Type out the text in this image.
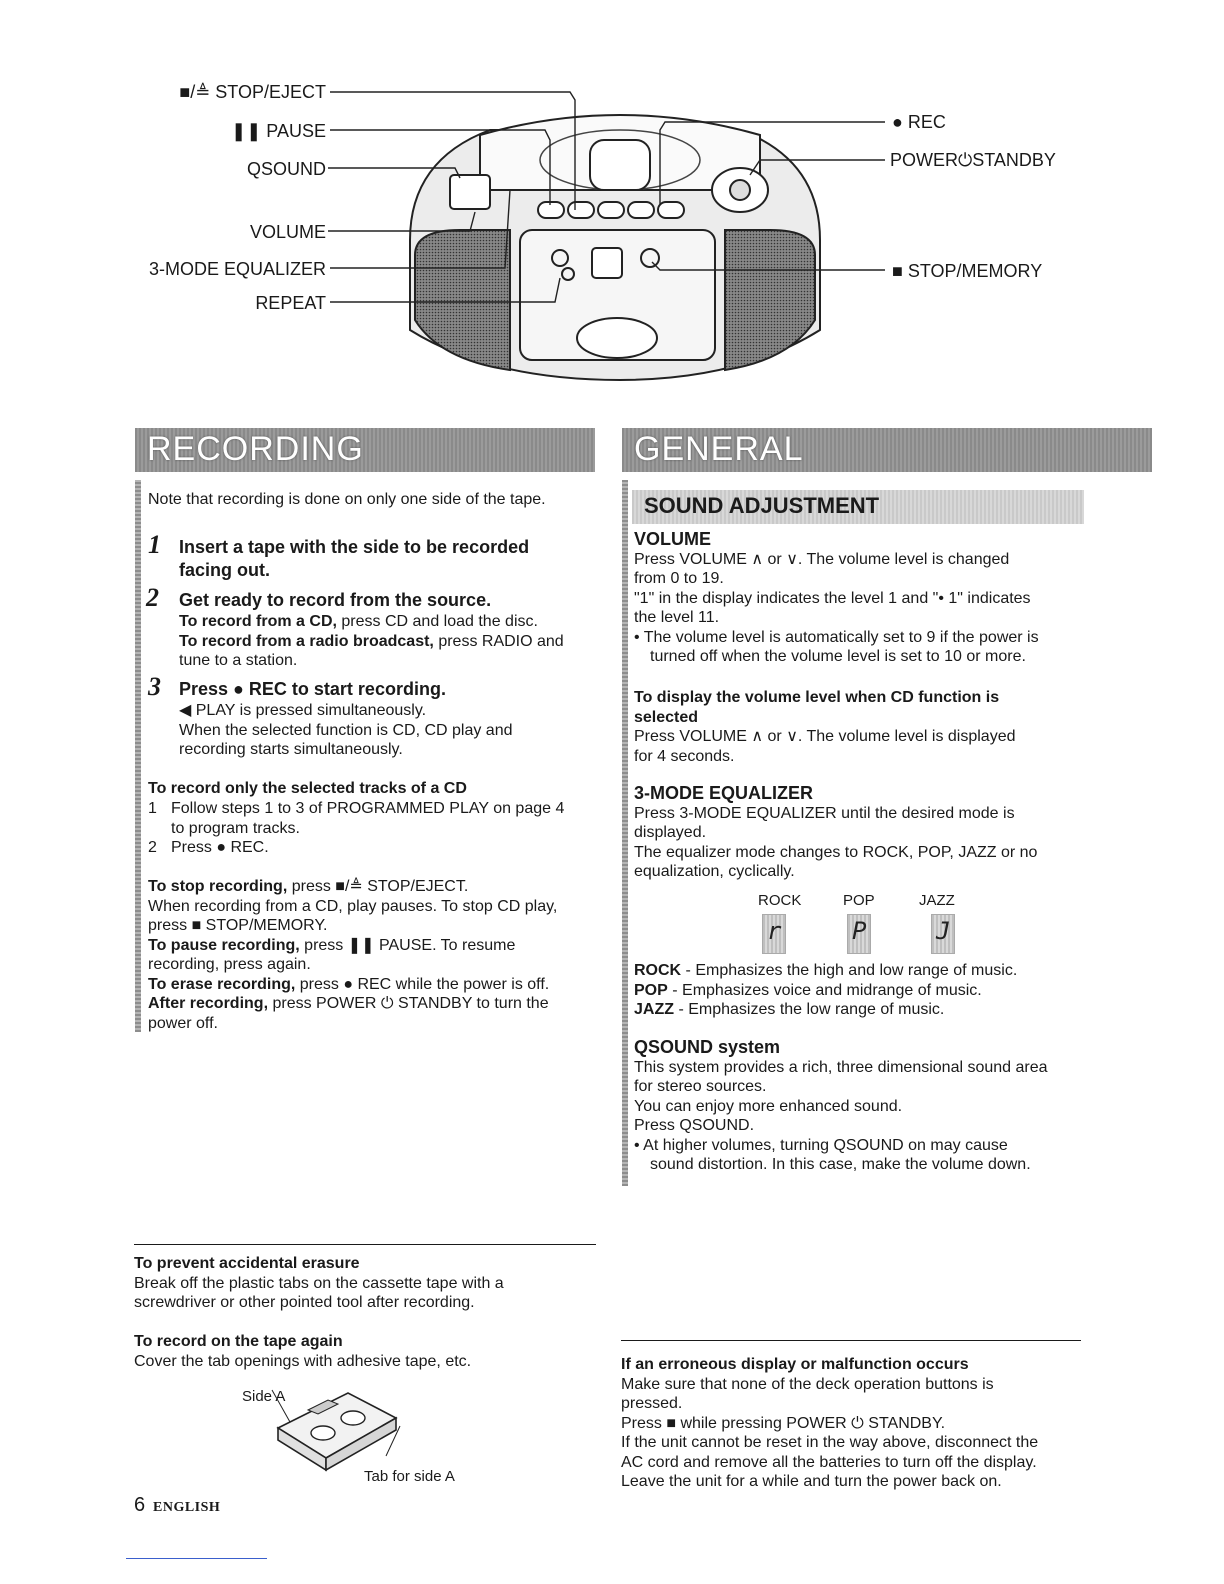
■/≜ STOP/EJECT
❚❚ PAUSE
QSOUND
VOLUME
3-MODE EQUALIZER
REPEAT
● REC
POWER⏻STANDBY
■ STOP/MEMORY
RECORDING
Note that recording is done on only one side of the tape.
1 Insert a tape with the side to be recorded
facing out.
2 Get ready to record from the source.
To record from a CD, press CD and load the disc.
To record from a radio broadcast, press RADIO and
tune to a station.
3 Press ● REC to start recording.
◀ PLAY is pressed simultaneously.
When the selected function is CD, CD play and
recording starts simultaneously.
To record only the selected tracks of a CD
1 Follow steps 1 to 3 of PROGRAMMED PLAY on page 4
to program tracks.
2 Press ● REC.
To stop recording, press ■/≜ STOP/EJECT.
When recording from a CD, play pauses. To stop CD play,
press ■ STOP/MEMORY.
To pause recording, press ❚❚ PAUSE. To resume
recording, press again.
To erase recording, press ● REC while the power is off.
After recording, press POWER ⏻ STANDBY to turn the
power off.
To prevent accidental erasure
Break off the plastic tabs on the cassette tape with a
screwdriver or other pointed tool after recording.
To record on the tape again
Cover the tab openings with adhesive tape, etc.
Side A
Tab for side A
GENERAL
SOUND ADJUSTMENT
VOLUME
Press VOLUME ∧ or ∨. The volume level is changed
from 0 to 19.
"1" in the display indicates the level 1 and "• 1" indicates
the level 11.
• The volume level is automatically set to 9 if the power is
turned off when the volume level is set to 10 or more.
To display the volume level when CD function is
selected
Press VOLUME ∧ or ∨. The volume level is displayed
for 4 seconds.
3-MODE EQUALIZER
Press 3-MODE EQUALIZER until the desired mode is
displayed.
The equalizer mode changes to ROCK, POP, JAZZ or no
equalization, cyclically.
ROCK	POP	JAZZ
r	P	J
ROCK - Emphasizes the high and low range of music.
POP - Emphasizes voice and midrange of music.
JAZZ - Emphasizes the low range of music.
QSOUND system
This system provides a rich, three dimensional sound area
for stereo sources.
You can enjoy more enhanced sound.
Press QSOUND.
• At higher volumes, turning QSOUND on may cause
sound distortion. In this case, make the volume down.
If an erroneous display or malfunction occurs
Make sure that none of the deck operation buttons is
pressed.
Press ■ while pressing POWER ⏻ STANDBY.
If the unit cannot be reset in the way above, disconnect the
AC cord and remove all the batteries to turn off the display.
Leave the unit for a while and turn the power back on.
6 ENGLISH
